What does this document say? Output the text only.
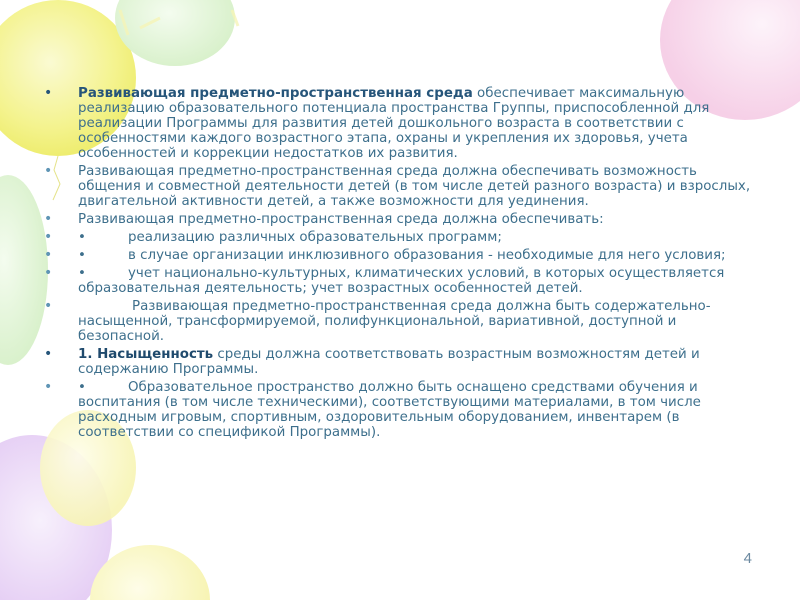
•	Развивающая предметно-пространственная среда обеспечивает максимальную реализацию образовательного потенциала пространства Группы, приспособленной для реализации Программы для развития детей дошкольного возраста в соответствии с особенностями каждого возрастного этапа, охраны и укрепления их здоровья, учета особенностей и коррекции недостатков их развития.
•	Развивающая предметно-пространственная среда должна обеспечивать возможность общения и совместной деятельности детей (в том числе детей разного возраста) и взрослых, двигательной активности детей, а также возможности для уединения.
•	Развивающая предметно-пространственная среда должна обеспечивать:
•	•	реализацию различных образовательных программ;
•	•	в случае организации инклюзивного образования - необходимые для него условия;
•	•	учет национально-культурных, климатических условий, в которых осуществляется образовательная деятельность; учет возрастных особенностей детей.
•	Развивающая предметно-пространственная среда должна быть содержательно-насыщенной, трансформируемой, полифункциональной, вариативной, доступной и безопасной.
•	1. Насыщенность среды должна соответствовать возрастным возможностям детей и содержанию Программы.
•	•	Образовательное пространство должно быть оснащено средствами обучения и воспитания (в том числе техническими), соответствующими материалами, в том числе расходным игровым, спортивным, оздоровительным оборудованием, инвентарем (в соответствии со спецификой Программы).
4
